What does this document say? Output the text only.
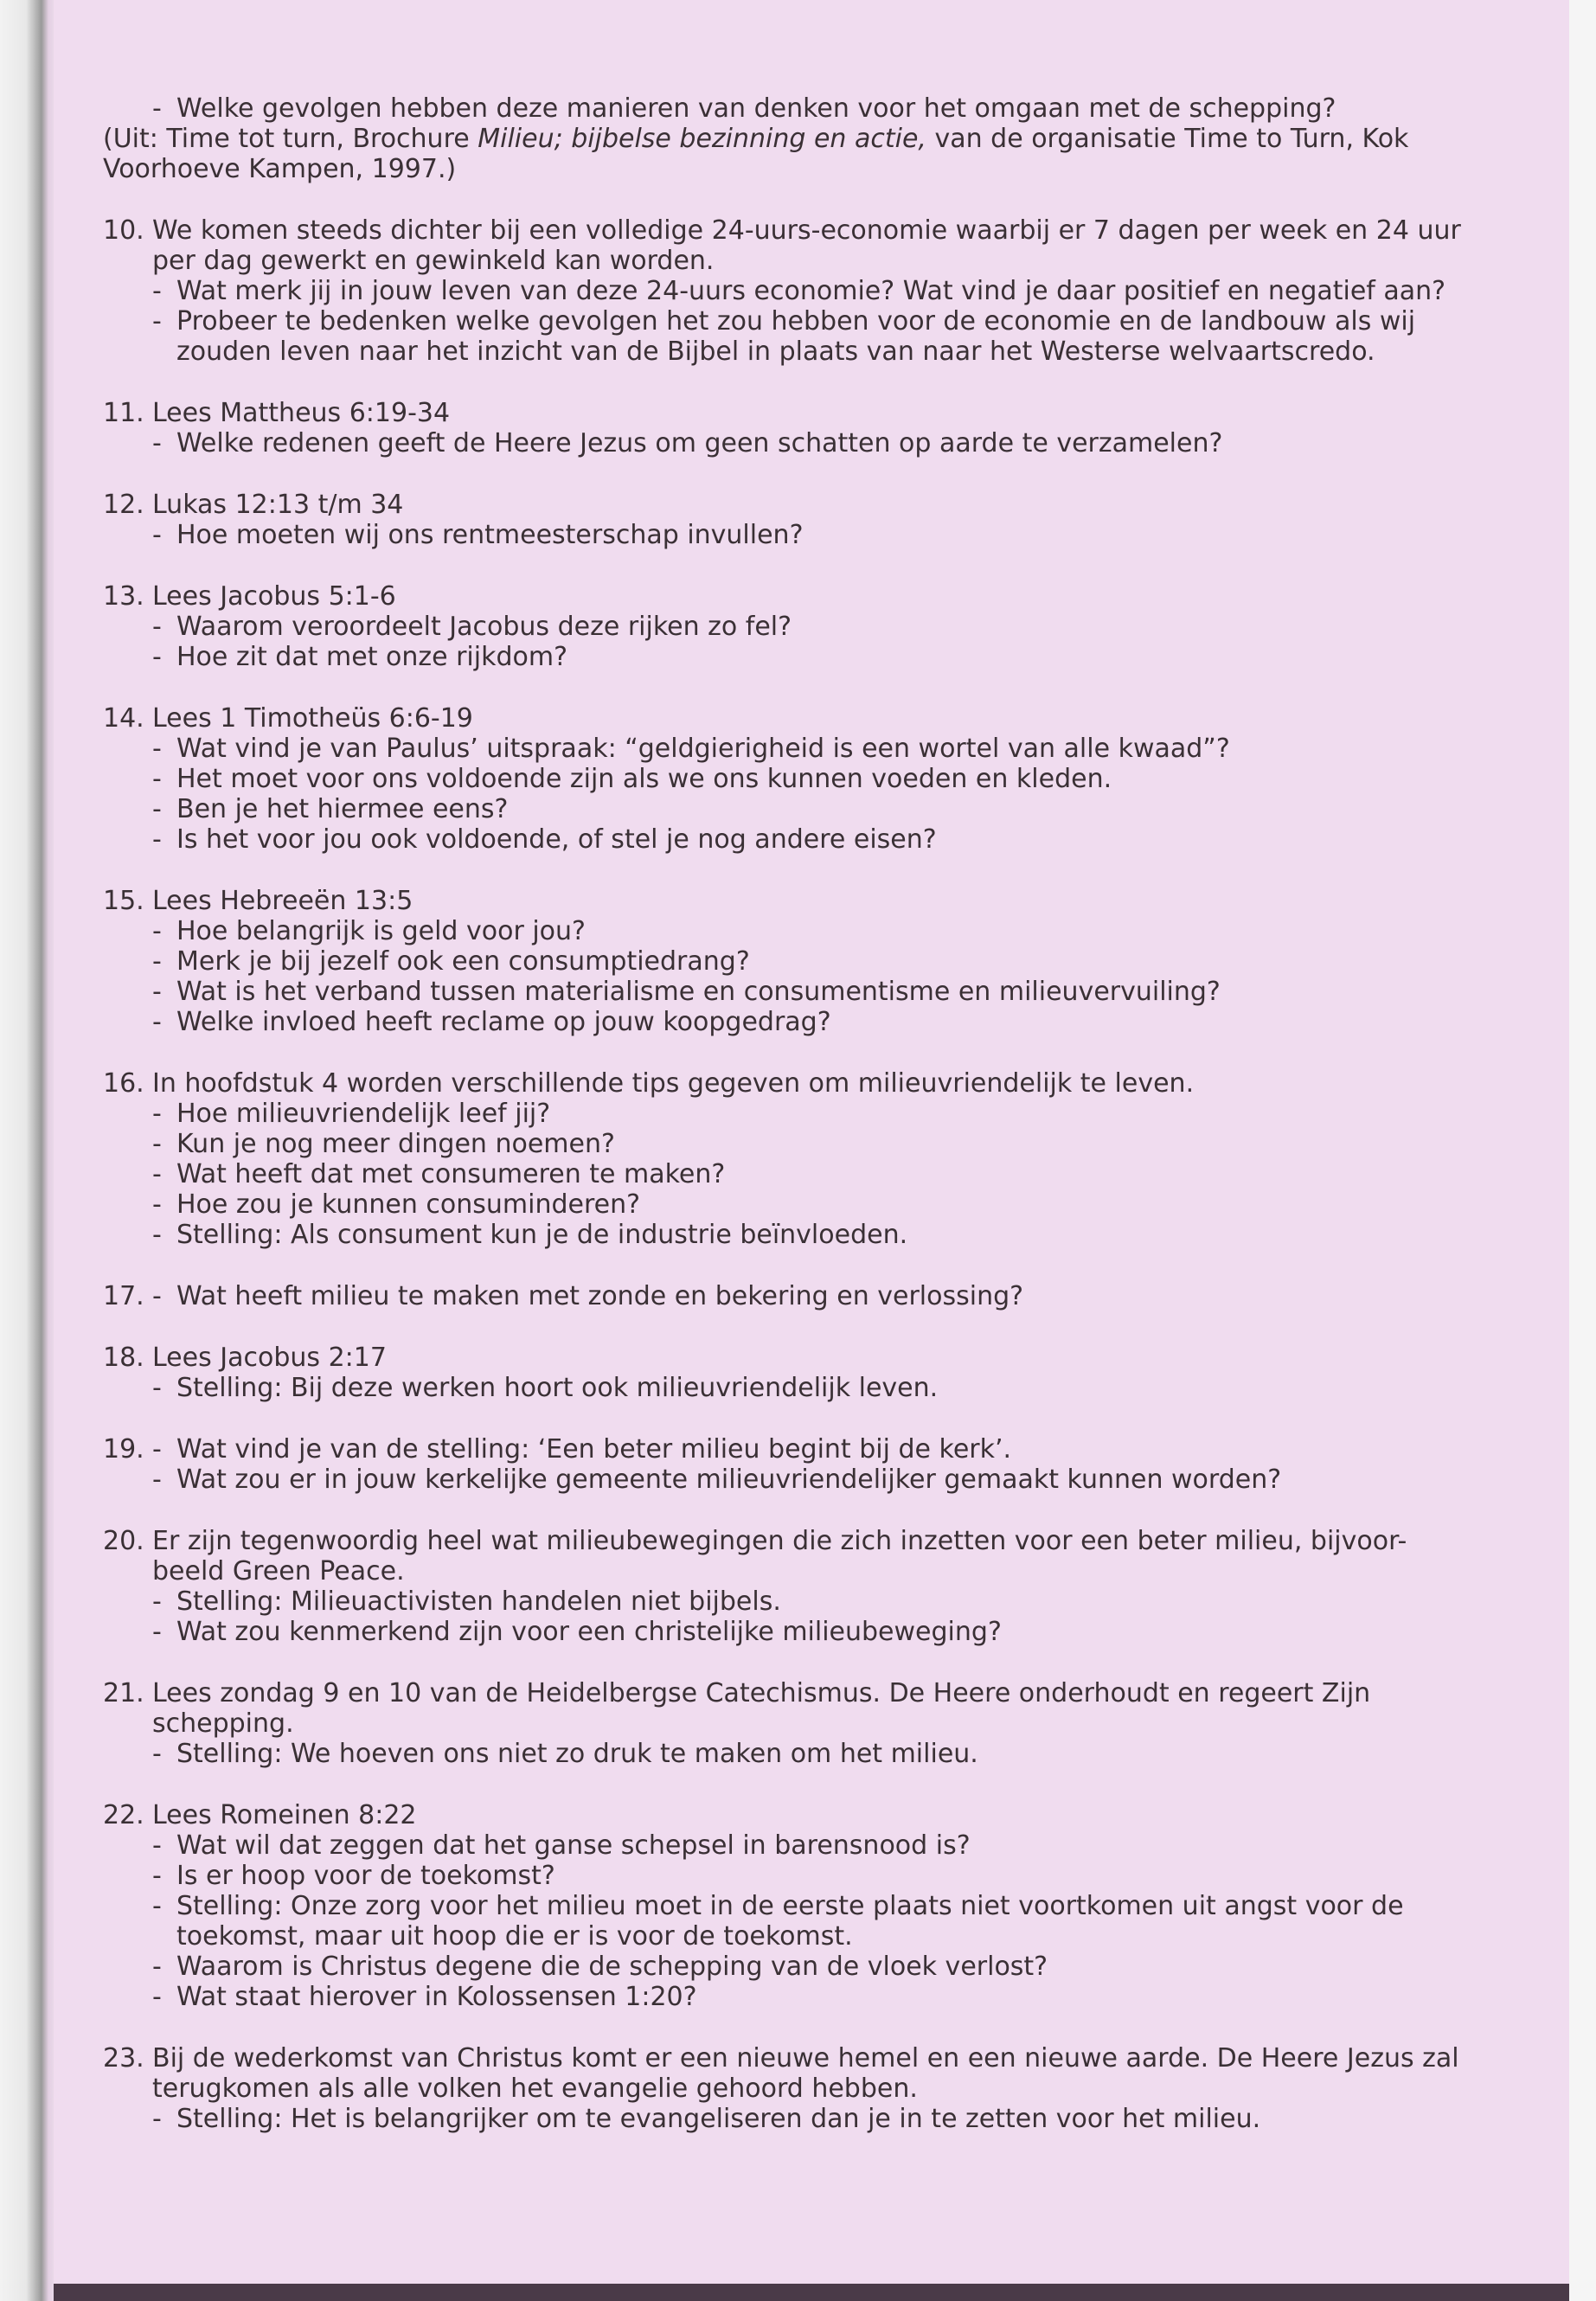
- Welke gevolgen hebben deze manieren van denken voor het omgaan met de schepping?
(Uit: Time tot turn, Brochure Milieu; bijbelse bezinning en actie, van de organisatie Time to Turn, Kok Voorhoeve Kampen, 1997.)
10. We komen steeds dichter bij een volledige 24-uurs-economie waarbij er 7 dagen per week en 24 uur per dag gewerkt en gewinkeld kan worden.
- Wat merk jij in jouw leven van deze 24-uurs economie? Wat vind je daar positief en negatief aan?
- Probeer te bedenken welke gevolgen het zou hebben voor de economie en de landbouw als wij zouden leven naar het inzicht van de Bijbel in plaats van naar het Westerse welvaartscredo.
11. Lees Mattheus 6:19-34
- Welke redenen geeft de Heere Jezus om geen schatten op aarde te verzamelen?
12. Lukas 12:13 t/m 34
- Hoe moeten wij ons rentmeesterschap invullen?
13. Lees Jacobus 5:1-6
- Waarom veroordeelt Jacobus deze rijken zo fel?
- Hoe zit dat met onze rijkdom?
14. Lees 1 Timotheüs 6:6-19
- Wat vind je van Paulus’ uitspraak: “geldgierigheid is een wortel van alle kwaad”?
- Het moet voor ons voldoende zijn als we ons kunnen voeden en kleden.
- Ben je het hiermee eens?
- Is het voor jou ook voldoende, of stel je nog andere eisen?
15. Lees Hebreeën 13:5
- Hoe belangrijk is geld voor jou?
- Merk je bij jezelf ook een consumptiedrang?
- Wat is het verband tussen materialisme en consumentisme en milieuvervuiling?
- Welke invloed heeft reclame op jouw koopgedrag?
16. In hoofdstuk 4 worden verschillende tips gegeven om milieuvriendelijk te leven.
- Hoe milieuvriendelijk leef jij?
- Kun je nog meer dingen noemen?
- Wat heeft dat met consumeren te maken?
- Hoe zou je kunnen consuminderen?
- Stelling: Als consument kun je de industrie beïnvloeden.
17.	- Wat heeft milieu te maken met zonde en bekering en verlossing?
18. Lees Jacobus 2:17
- Stelling: Bij deze werken hoort ook milieuvriendelijk leven.
19.	- Wat vind je van de stelling: ‘Een beter milieu begint bij de kerk’.
- Wat zou er in jouw kerkelijke gemeente milieuvriendelijker gemaakt kunnen worden?
20. Er zijn tegenwoordig heel wat milieubewegingen die zich inzetten voor een beter milieu, bijvoor-beeld Green Peace.
- Stelling: Milieuactivisten handelen niet bijbels.
- Wat zou kenmerkend zijn voor een christelijke milieubeweging?
21. Lees zondag 9 en 10 van de Heidelbergse Catechismus. De Heere onderhoudt en regeert Zijn schepping.
- Stelling: We hoeven ons niet zo druk te maken om het milieu.
22. Lees Romeinen 8:22
- Wat wil dat zeggen dat het ganse schepsel in barensnood is?
- Is er hoop voor de toekomst?
- Stelling: Onze zorg voor het milieu moet in de eerste plaats niet voortkomen uit angst voor de toekomst, maar uit hoop die er is voor de toekomst.
- Waarom is Christus degene die de schepping van de vloek verlost?
- Wat staat hierover in Kolossensen 1:20?
23. Bij de wederkomst van Christus komt er een nieuwe hemel en een nieuwe aarde. De Heere Jezus zal terugkomen als alle volken het evangelie gehoord hebben.
- Stelling: Het is belangrijker om te evangeliseren dan je in te zetten voor het milieu.
